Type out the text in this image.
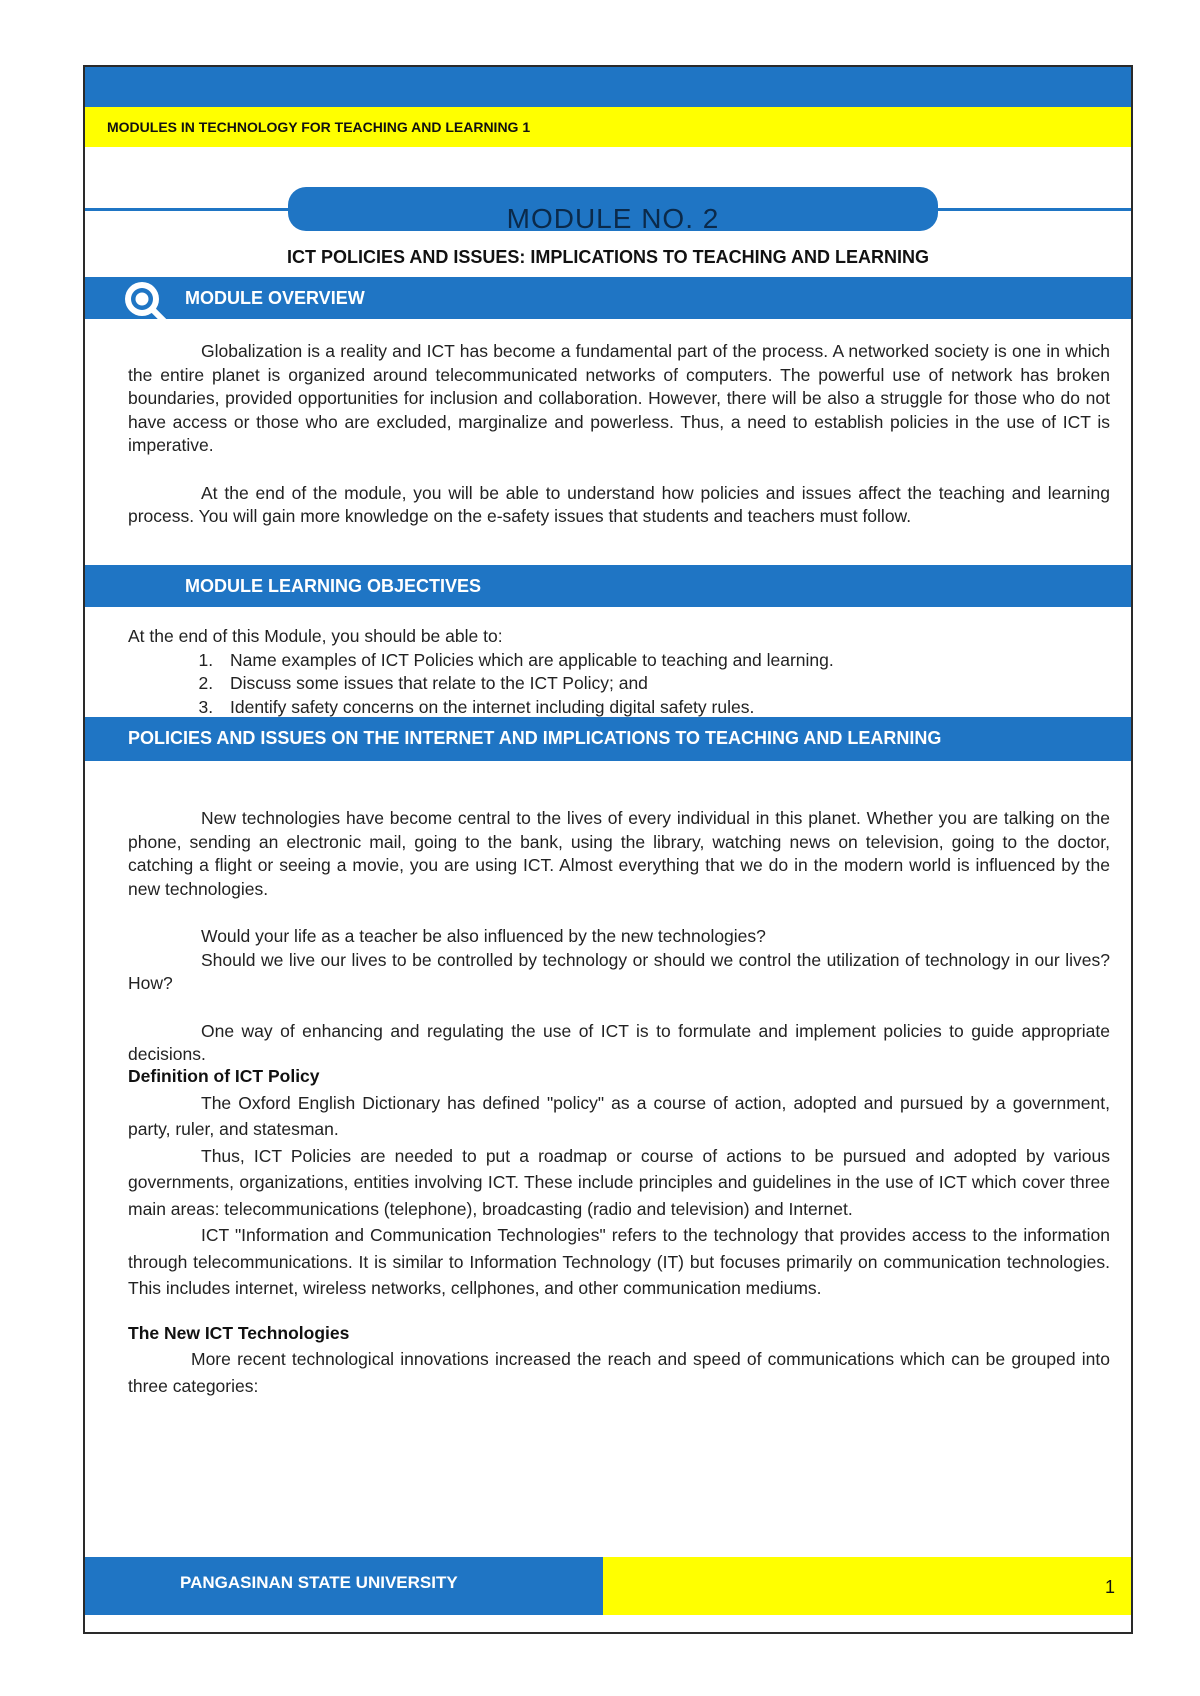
MODULES IN TECHNOLOGY FOR TEACHING AND LEARNING 1
MODULE NO. 2
ICT POLICIES AND ISSUES: IMPLICATIONS TO TEACHING AND LEARNING
MODULE OVERVIEW

Globalization is a reality and ICT has become a fundamental part of the process. A networked society is one in which the entire planet is organized around telecommunicated networks of computers. The powerful use of network has broken boundaries, provided opportunities for inclusion and collaboration. However, there will be also a struggle for those who do not have access or those who are excluded, marginalize and powerless. Thus, a need to establish policies in the use of ICT is imperative.

At the end of the module, you will be able to understand how policies and issues affect the teaching and learning process. You will gain more knowledge on the e-safety issues that students and teachers must follow.

MODULE LEARNING OBJECTIVES
At the end of this Module, you should be able to:
1. Name examples of ICT Policies which are applicable to teaching and learning.
2. Discuss some issues that relate to the ICT Policy; and
3. Identify safety concerns on the internet including digital safety rules.
POLICIES AND ISSUES ON THE INTERNET AND IMPLICATIONS TO TEACHING AND LEARNING

New technologies have become central to the lives of every individual in this planet. Whether you are talking on the phone, sending an electronic mail, going to the bank, using the library, watching news on television, going to the doctor, catching a flight or seeing a movie, you are using ICT. Almost everything that we do in the modern world is influenced by the new technologies.

Would your life as a teacher be also influenced by the new technologies?

Should we live our lives to be controlled by technology or should we control the utilization of technology in our lives? How?

One way of enhancing and regulating the use of ICT is to formulate and implement policies to guide appropriate decisions.

Definition of ICT Policy

The Oxford English Dictionary has defined "policy" as a course of action, adopted and pursued by a government, party, ruler, and statesman.

Thus, ICT Policies are needed to put a roadmap or course of actions to be pursued and adopted by various governments, organizations, entities involving ICT. These include principles and guidelines in the use of ICT which cover three main areas: telecommunications (telephone), broadcasting (radio and television) and Internet.

ICT "Information and Communication Technologies" refers to the technology that provides access to the information through telecommunications. It is similar to Information Technology (IT) but focuses primarily on communication technologies. This includes internet, wireless networks, cellphones, and other communication mediums.

The New ICT Technologies

More recent technological innovations increased the reach and speed of communications which can be grouped into three categories:

PANGASINAN STATE UNIVERSITY	1
